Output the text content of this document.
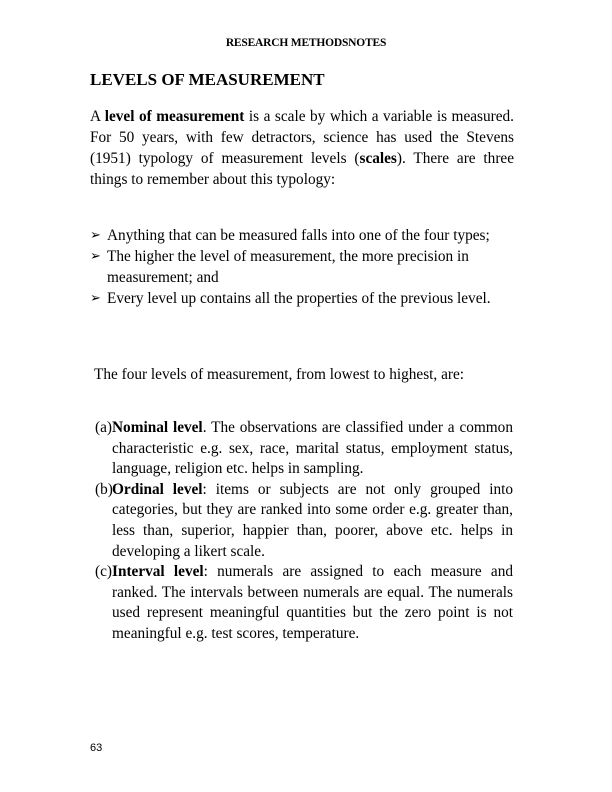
RESEARCH METHODSNOTES
LEVELS OF MEASUREMENT

A level of measurement is a scale by which a variable is measured. For 50 years, with few detractors, science has used the Stevens (1951) typology of measurement levels (scales). There are three things to remember about this typology:

➢ Anything that can be measured falls into one of the four types;
➢ The higher the level of measurement, the more precision in measurement; and
➢ Every level up contains all the properties of the previous level.

The four levels of measurement, from lowest to highest, are:

(a) Nominal level. The observations are classified under a common characteristic e.g. sex, race, marital status, employment status, language, religion etc. helps in sampling.
(b) Ordinal level: items or subjects are not only grouped into categories, but they are ranked into some order e.g. greater than, less than, superior, happier than, poorer, above etc. helps in developing a likert scale.
(c) Interval level: numerals are assigned to each measure and ranked. The intervals between numerals are equal. The numerals used represent meaningful quantities but the zero point is not meaningful e.g. test scores, temperature.
63
